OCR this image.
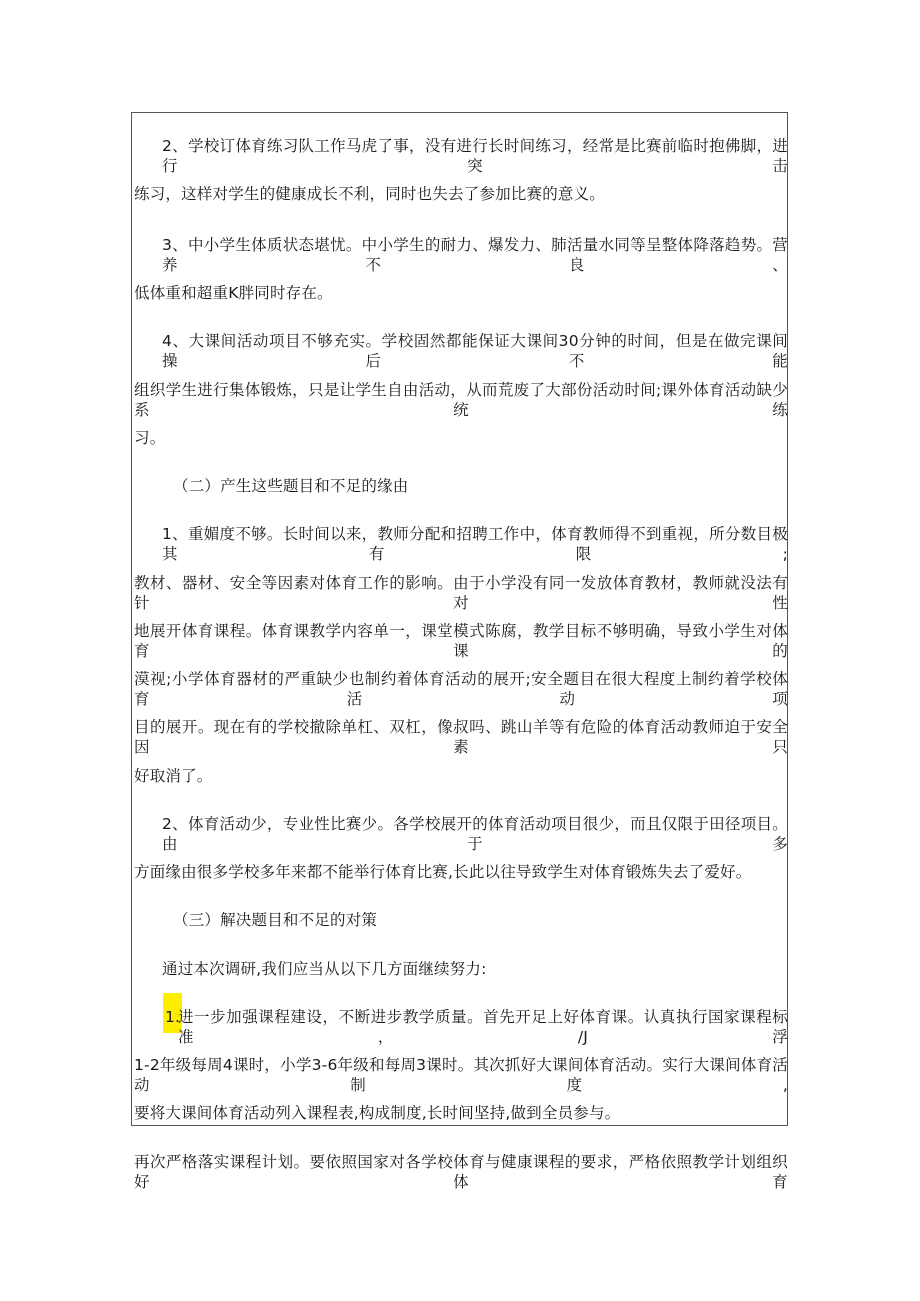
2、学校订体育练习队工作马虎了事，没有进行长时间练习，经常是比赛前临时抱佛脚，进行突击
练习，这样对学生的健康成长不利，同时也失去了参加比赛的意义。
3、中小学生体质状态堪忧。中小学生的耐力、爆发力、肺活量水同等呈整体降落趋势。营养不良、
低体重和超重K胖同时存在。
4、大课间活动项目不够充实。学校固然都能保证大课间30分钟的时间，但是在做完课间操后不能
组织学生进行集体锻炼，只是让学生自由活动，从而荒废了大部份活动时间;课外体育活动缺少系统练
习。
（二）产生这些题目和不足的缘由
1、重媚度不够。长时间以来，教师分配和招聘工作中，体育教师得不到重视，所分数目极其有限;
教材、器材、安全等因素对体育工作的影响。由于小学没有同一发放体育教材，教师就没法有针对性
地展开体育课程。体育课教学内容单一，课堂模式陈腐，教学目标不够明确，导致小学生对体育课的
漠视;小学体育器材的严重缺少也制约着体育活动的展开;安全题目在很大程度上制约着学校体育活动项
目的展开。现在有的学校撤除单杠、双杠，像叔吗、跳山羊等有危险的体育活动教师迫于安全因素只
好取消了。
2、体育活动少，专业性比赛少。各学校展开的体育活动项目很少，而且仅限于田径项目。由于多
方面缘由很多学校多年来都不能举行体育比赛,长此以往导致学生对体育锻炼失去了爱好。
（三）解决题目和不足的对策
通过本次调研,我们应当从以下几方面继续努力:
1.
进一步加强课程建设，不断进步教学质量。首先开足上好体育课。认真执行国家课程标准，/J浮
1-2年级每周4课时，小学3-6年级和每周3课时。其次抓好大课间体育活动。实行大课间体育活动制度,
要将大课间体育活动列入课程表,构成制度,长时间坚持,做到全员参与。
再次严格落实课程计划。要依照国家对各学校体育与健康课程的要求，严格依照教学计划组织好体育
